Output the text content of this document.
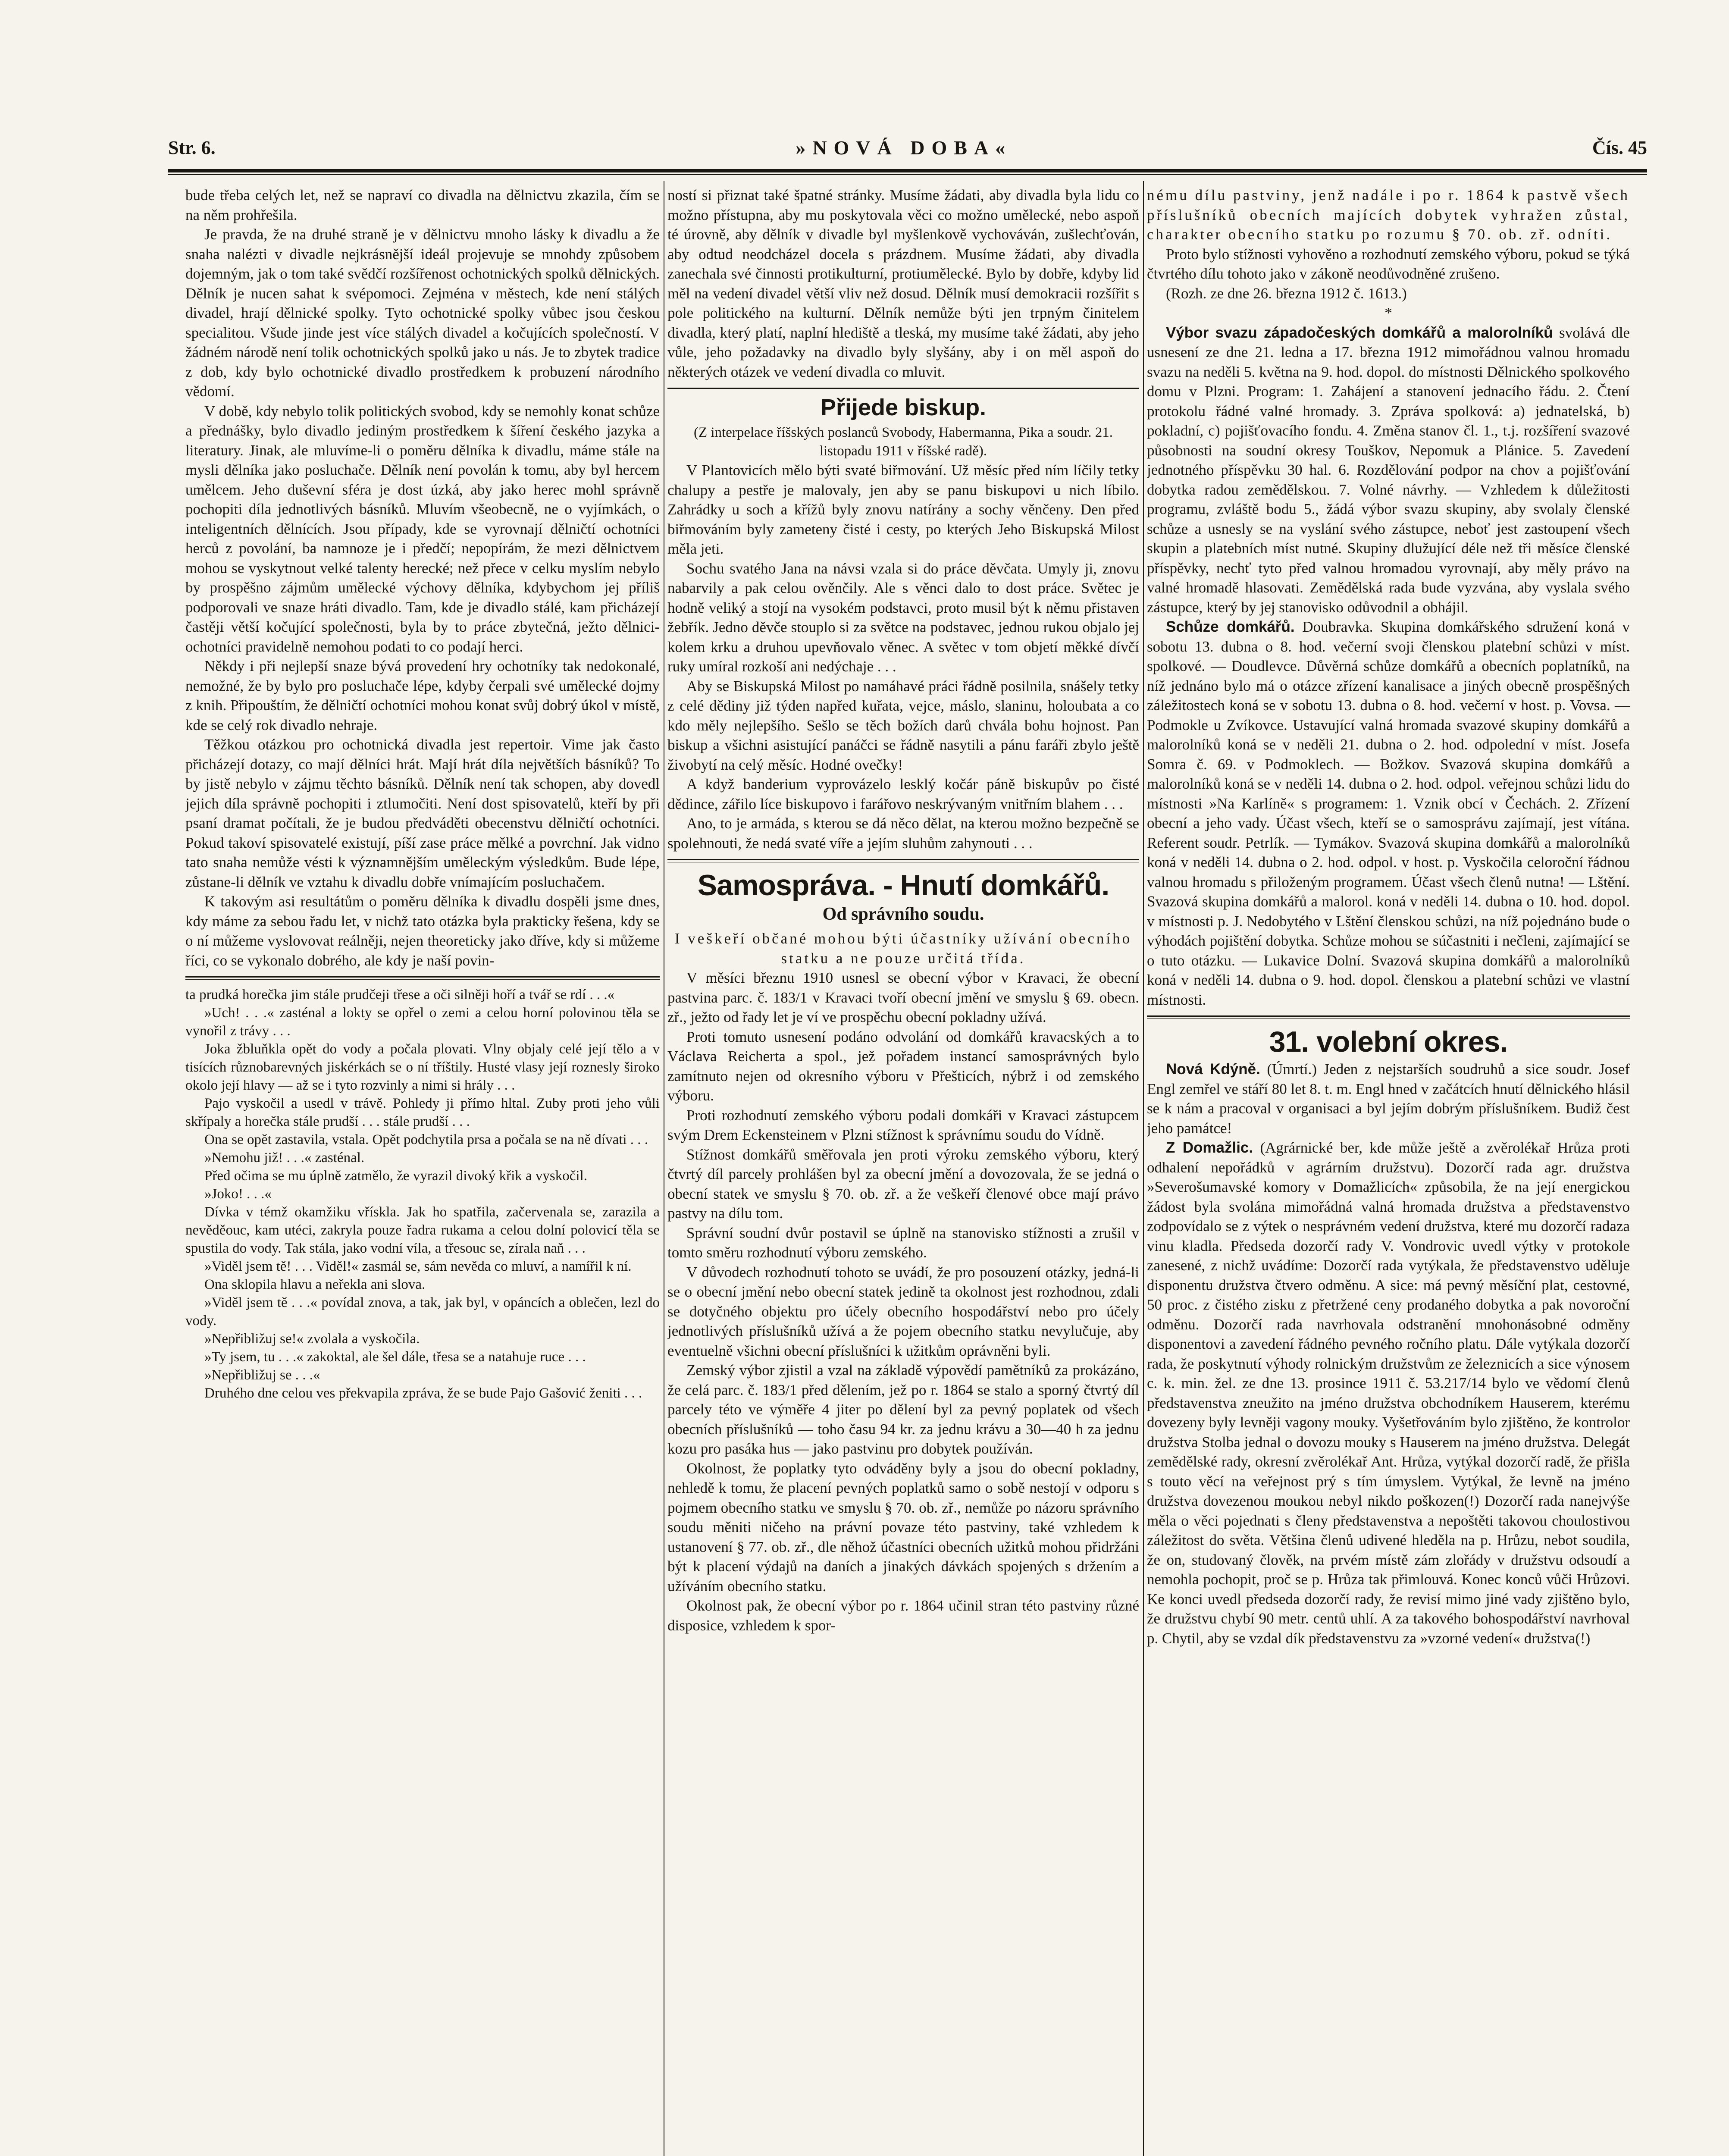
Str. 6.	»NOVÁ DOBA«	Čís. 45

bude třeba celých let, než se napraví co divadla na dělnictvu zkazila, čím se na něm prohřešila.

Je pravda, že na druhé straně je v dělnictvu mnoho lásky k divadlu a že snaha nalézti v divadle nejkrásnější ideál projevuje se mnohdy způsobem dojemným, jak o tom také svědčí rozšířenost ochotnických spolků dělnických. Dělník je nucen sahat k svépomoci. Zejména v městech, kde není stálých divadel, hrají dělnické spolky. Tyto ochotnické spolky vůbec jsou českou specialitou. Všude jinde jest více stálých divadel a kočujících společností. V žádném národě není tolik ochotnických spolků jako u nás. Je to zbytek tradice z dob, kdy bylo ochotnické divadlo prostředkem k probuzení národního vědomí.

V době, kdy nebylo tolik politických svobod, kdy se nemohly konat schůze a přednášky, bylo divadlo jediným prostředkem k šíření českého jazyka a literatury. Jinak, ale mluvíme-li o poměru dělníka k divadlu, máme stále na mysli dělníka jako posluchače. Dělník není povolán k tomu, aby byl hercem umělcem. Jeho duševní sféra je dost úzká, aby jako herec mohl správně pochopiti díla jednotlivých básníků. Mluvím všeobecně, ne o vyjímkách, o inteligentních dělnících. Jsou případy, kde se vyrovnají dělničtí ochotníci herců z povolání, ba namnoze je i předčí; nepopírám, že mezi dělnictvem mohou se vyskytnout velké talenty herecké; než přece v celku myslím nebylo by prospěšno zájmům umělecké výchovy dělníka, kdybychom jej příliš podporovali ve snaze hráti divadlo. Tam, kde je divadlo stálé, kam přicházejí častěji větší kočující společnosti, byla by to práce zbytečná, ježto dělnici-ochotníci pravidelně nemohou podati to co podají herci.

Někdy i při nejlepší snaze bývá provedení hry ochotníky tak nedokonalé, nemožné, že by bylo pro posluchače lépe, kdyby čerpali své umělecké dojmy z knih. Připouštím, že dělničtí ochotníci mohou konat svůj dobrý úkol v místě, kde se celý rok divadlo nehraje.

Těžkou otázkou pro ochotnická divadla jest repertoir. Vime jak často přicházejí dotazy, co mají dělníci hrát. Mají hrát díla největších básníků? To by jistě nebylo v zájmu těchto básníků. Dělník není tak schopen, aby dovedl jejich díla správně pochopiti i ztlumočiti. Není dost spisovatelů, kteří by při psaní dramat počítali, že je budou předváděti obecenstvu dělničtí ochotníci. Pokud takoví spisovatelé existují, píší zase práce mělké a povrchní. Jak vidno tato snaha nemůže vésti k významnějším uměleckým výsledkům. Bude lépe, zůstane-li dělník ve vztahu k divadlu dobře vnímajícím posluchačem.

K takovým asi resultátům o poměru dělníka k divadlu dospěli jsme dnes, kdy máme za sebou řadu let, v nichž tato otázka byla prakticky řešena, kdy se o ní můžeme vyslovovat reálněji, nejen theoreticky jako dříve, kdy si můžeme říci, co se vykonalo dobrého, ale kdy je naší povin-

ta prudká horečka jim stále prudčeji třese a oči silněji hoří a tvář se rdí . . .«

»Uch! . . .« zasténal a lokty se opřel o zemi a celou horní polovinou těla se vynořil z trávy . . .

Joka žbluňkla opět do vody a počala plovati. Vlny objaly celé její tělo a v tisících různobarevných jiskérkách se o ní tříštily. Husté vlasy její roznesly široko okolo její hlavy — až se i tyto rozvinly a nimi si hrály . . .

Pajo vyskočil a usedl v trávě. Pohledy ji přímo hltal. Zuby proti jeho vůli skřípaly a horečka stále prudší . . . stále prudší . . .

Ona se opět zastavila, vstala. Opět podchytila prsa a počala se na ně dívati . . .

»Nemohu již! . . .« zasténal.

Před očima se mu úplně zatmělo, že vyrazil divoký křik a vyskočil.

»Joko! . . .«

Dívka v témž okamžiku vřískla. Jak ho spatřila, začervenala se, zarazila a nevěděouc, kam utéci, zakryla pouze řadra rukama a celou dolní polovicí těla se spustila do vody. Tak stála, jako vodní víla, a třesouc se, zírala naň . . .

»Viděl jsem tě! . . . Viděl!« zasmál se, sám nevěda co mluví, a namířil k ní.

Ona sklopila hlavu a neřekla ani slova.

»Viděl jsem tě . . .« povídal znova, a tak, jak byl, v opáncích a oblečen, lezl do vody.

»Nepřibližuj se!« zvolala a vyskočila.

»Ty jsem, tu . . .« zakoktal, ale šel dále, třesa se a natahuje ruce . . .

»Nepřibližuj se . . .«

Druhého dne celou ves překvapila zpráva, že se bude Pajo Gašović ženiti . . .

ností si přiznat také špatné stránky. Musíme žádati, aby divadla byla lidu co možno přístupna, aby mu poskytovala věci co možno umělecké, nebo aspoň té úrovně, aby dělník v divadle byl myšlenkově vychováván, zušlechťován, aby odtud neodcházel docela s prázdnem. Musíme žádati, aby divadla zanechala své činnosti protikulturní, protiumělecké. Bylo by dobře, kdyby lid měl na vedení divadel větší vliv než dosud. Dělník musí demokracii rozšířit s pole politického na kulturní. Dělník nemůže býti jen trpným činitelem divadla, který platí, naplní hlediště a tleská, my musíme také žádati, aby jeho vůle, jeho požadavky na divadlo byly slyšány, aby i on měl aspoň do některých otázek ve vedení divadla co mluvit.

Přijede biskup.

(Z interpelace říšských poslanců Svobody, Habermanna, Pika a soudr. 21. listopadu 1911 v říšské radě).

V Plantovicích mělo býti svaté biřmování. Už měsíc před ním líčily tetky chalupy a pestře je malovaly, jen aby se panu biskupovi u nich líbilo. Zahrádky u soch a křížů byly znovu natírány a sochy věnčeny. Den před biřmováním byly zameteny čisté i cesty, po kterých Jeho Biskupská Milost měla jeti.

Sochu svatého Jana na návsi vzala si do práce děvčata. Umyly ji, znovu nabarvily a pak celou ověnčily. Ale s věnci dalo to dost práce. Světec je hodně veliký a stojí na vysokém podstavci, proto musil být k němu přistaven žebřík. Jedno děvče stouplo si za světce na podstavec, jednou rukou objalo jej kolem krku a druhou upevňovalo věnec. A světec v tom objetí měkké dívčí ruky umíral rozkoší ani nedýchaje . . .

Aby se Biskupská Milost po namáhavé práci řádně posilnila, snášely tetky z celé dědiny již týden napřed kuřata, vejce, máslo, slaninu, holoubata a co kdo měly nejlepšího. Sešlo se těch božích darů chvála bohu hojnost. Pan biskup a všichni asistující panáčci se řádně nasytili a pánu faráři zbylo ještě živobytí na celý měsíc. Hodné ovečky!

A když banderium vyprovázelo lesklý kočár páně biskupův po čisté dědince, zářilo líce biskupovo i farářovo neskrývaným vnitřním blahem . . .

Ano, to je armáda, s kterou se dá něco dělat, na kterou možno bezpečně se spolehnouti, že nedá svaté víře a jejím sluhům zahynouti . . .

Samospráva. - Hnutí domkářů.
Od správního soudu.

I veškeří občané mohou býti účastníky užívání obecního statku a ne pouze určitá třída.

V měsíci březnu 1910 usnesl se obecní výbor v Kravaci, že obecní pastvina parc. č. 183/1 v Kravaci tvoří obecní jmění ve smyslu § 69. obecn. zř., ježto od řady let je ví ve prospěchu obecní pokladny užívá.

Proti tomuto usnesení podáno odvolání od domkářů kravacských a to Václava Reicherta a spol., jež pořadem instancí samosprávných bylo zamítnuto nejen od okresního výboru v Přešticích, nýbrž i od zemského výboru.

Proti rozhodnutí zemského výboru podali domkáři v Kravaci zástupcem svým Drem Eckensteinem v Plzni stížnost k správnímu soudu do Vídně.

Stížnost domkářů směřovala jen proti výroku zemského výboru, který čtvrtý díl parcely prohlášen byl za obecní jmění a dovozovala, že se jedná o obecní statek ve smyslu § 70. ob. zř. a že veškeří členové obce mají právo pastvy na dílu tom.

Správní soudní dvůr postavil se úplně na stanovisko stížnosti a zrušil v tomto směru rozhodnutí výboru zemského.

V důvodech rozhodnutí tohoto se uvádí, že pro posouzení otázky, jedná-li se o obecní jmění nebo obecní statek jedině ta okolnost jest rozhodnou, zdali se dotyčného objektu pro účely obecního hospodářství nebo pro účely jednotlivých příslušníků užívá a že pojem obecního statku nevylučuje, aby eventuelně všichni obecní příslušníci k užitkům oprávněni byli.

Zemský výbor zjistil a vzal na základě výpovědí pamětníků za prokázáno, že celá parc. č. 183/1 před dělením, jež po r. 1864 se stalo a sporný čtvrtý díl parcely této ve výměře 4 jiter po dělení byl za pevný poplatek od všech obecních příslušníků — toho času 94 kr. za jednu krávu a 30—40 h za jednu kozu pro pasáka hus — jako pastvinu pro dobytek používán.

Okolnost, že poplatky tyto odváděny byly a jsou do obecní pokladny, nehledě k tomu, že placení pevných poplatků samo o sobě nestojí v odporu s pojmem obecního statku ve smyslu § 70. ob. zř., nemůže po názoru správního soudu měniti ničeho na právní povaze této pastviny, také vzhledem k ustanovení § 77. ob. zř., dle něhož účastníci obecních užitků mohou přidržáni být k placení výdajů na daních a jinakých dávkách spojených s držením a užíváním obecního statku.

Okolnost pak, že obecní výbor po r. 1864 učinil stran této pastviny různé disposice, vzhledem k spor-

nému dílu pastviny, jenž nadále i po r. 1864 k pastvě všech příslušníků obecních majících dobytek vyhražen zůstal, charakter obecního statku po rozumu § 70. ob. zř. odníti.

Proto bylo stížnosti vyhověno a rozhodnutí zemského výboru, pokud se týká čtvrtého dílu tohoto jako v zákoně neodůvodněné zrušeno.

(Rozh. ze dne 26. března 1912 č. 1613.)

*

Výbor svazu západočeských domkářů a malorolníků svolává dle usnesení ze dne 21. ledna a 17. března 1912 mimořádnou valnou hromadu svazu na neděli 5. května na 9. hod. dopol. do místnosti Dělnického spolkového domu v Plzni. Program: 1. Zahájení a stanovení jednacího řádu. 2. Čtení protokolu řádné valné hromady. 3. Zpráva spolková: a) jednatelská, b) pokladní, c) pojišťovacího fondu. 4. Změna stanov čl. 1., t.j. rozšíření svazové působnosti na soudní okresy Touškov, Nepomuk a Plánice. 5. Zavedení jednotného příspěvku 30 hal. 6. Rozdělování podpor na chov a pojišťování dobytka radou zemědělskou. 7. Volné návrhy. — Vzhledem k důležitosti programu, zvláště bodu 5., žádá výbor svazu skupiny, aby svolaly členské schůze a usnesly se na vyslání svého zástupce, neboť jest zastoupení všech skupin a platebních míst nutné. Skupiny dlužující déle než tři měsíce členské příspěvky, nechť tyto před valnou hromadou vyrovnají, aby měly právo na valné hromadě hlasovati. Zemědělská rada bude vyzvána, aby vyslala svého zástupce, který by jej stanovisko odůvodnil a obhájil.

Schůze domkářů. Doubravka. Skupina domkářského sdružení koná v sobotu 13. dubna o 8. hod. večerní svoji členskou platební schůzi v míst. spolkové. — Doudlevce. Důvěrná schůze domkářů a obecních poplatníků, na níž jednáno bylo má o otázce zřízení kanalisace a jiných obecně prospěšných záležitostech koná se v sobotu 13. dubna o 8. hod. večerní v host. p. Vovsa. — Podmokle u Zvíkovce. Ustavující valná hromada svazové skupiny domkářů a malorolníků koná se v neděli 21. dubna o 2. hod. odpolední v míst. Josefa Somra č. 69. v Podmoklech. — Božkov. Svazová skupina domkářů a malorolníků koná se v neděli 14. dubna o 2. hod. odpol. veřejnou schůzi lidu do místnosti »Na Karlíně« s programem: 1. Vznik obcí v Čechách. 2. Zřízení obecní a jeho vady. Účast všech, kteří se o samosprávu zajímají, jest vítána. Referent soudr. Petrlík. — Tymákov. Svazová skupina domkářů a malorolníků koná v neděli 14. dubna o 2. hod. odpol. v host. p. Vyskočila celoroční řádnou valnou hromadu s přiloženým programem. Účast všech členů nutna! — Lštění. Svazová skupina domkářů a malorol. koná v neděli 14. dubna o 10. hod. dopol. v místnosti p. J. Nedobytého v Lštění členskou schůzi, na níž pojednáno bude o výhodách pojištění dobytka. Schůze mohou se súčastniti i nečleni, zajímající se o tuto otázku. — Lukavice Dolní. Svazová skupina domkářů a malorolníků koná v neděli 14. dubna o 9. hod. dopol. členskou a platební schůzi ve vlastní místnosti.

31. volební okres.

Nová Kdýně. (Úmrtí.) Jeden z nejstarších soudruhů a sice soudr. Josef Engl zemřel ve stáří 80 let 8. t. m. Engl hned v začátcích hnutí dělnického hlásil se k nám a pracoval v organisaci a byl jejím dobrým příslušníkem. Budiž čest jeho památce!

Z Domažlic. (Agrárnické ber, kde může ještě a zvěrolékař Hrůza proti odhalení nepořádků v agrárním družstvu). Dozorčí rada agr. družstva »Severošumavské komory v Domažlicích« způsobila, že na její energickou žádost byla svolána mimořádná valná hromada družstva a představenstvo zodpovídalo se z výtek o nesprávném vedení družstva, které mu dozorčí radaza vinu kladla. Předseda dozorčí rady V. Vondrovic uvedl výtky v protokole zanesené, z nichž uvádíme: Dozorčí rada vytýkala, že představenstvo uděluje disponentu družstva čtvero odměnu. A sice: má pevný měsíční plat, cestovné, 50 proc. z čistého zisku z přetržené ceny prodaného dobytka a pak novoroční odměnu. Dozorčí rada navrhovala odstranění mnohonásobné odměny disponentovi a zavedení řádného pevného ročního platu. Dále vytýkala dozorčí rada, že poskytnutí výhody rolnickým družstvům ze železnicích a sice výnosem c. k. min. žel. ze dne 13. prosince 1911 č. 53.217/14 bylo ve vědomí členů představenstva zneužito na jméno družstva obchodníkem Hauserem, kterému dovezeny byly levněji vagony mouky. Vyšetřováním bylo zjištěno, že kontrolor družstva Stolba jednal o dovozu mouky s Hauserem na jméno družstva. Delegát zemědělské rady, okresní zvěrolékař Ant. Hrůza, vytýkal dozorčí radě, že přišla s touto věcí na veřejnost prý s tím úmyslem. Vytýkal, že levně na jméno družstva dovezenou moukou nebyl nikdo poškozen(!) Dozorčí rada nanejvýše měla o věci pojednati s členy představenstva a nepoštěti takovou choulostivou záležitost do světa. Většina členů udivené hleděla na p. Hrůzu, nebot soudila, že on, studovaný člověk, na prvém místě zám zlořády v družstvu odsoudí a nemohla pochopit, proč se p. Hrůza tak přimlouvá. Konec konců vůči Hrůzovi. Ke konci uvedl předseda dozorčí rady, že revisí mimo jiné vady zjištěno bylo, že družstvu chybí 90 metr. centů uhlí. A za takového bohospodářství navrhoval p. Chytil, aby se vzdal dík představenstvu za »vzorné vedení« družstva(!)
